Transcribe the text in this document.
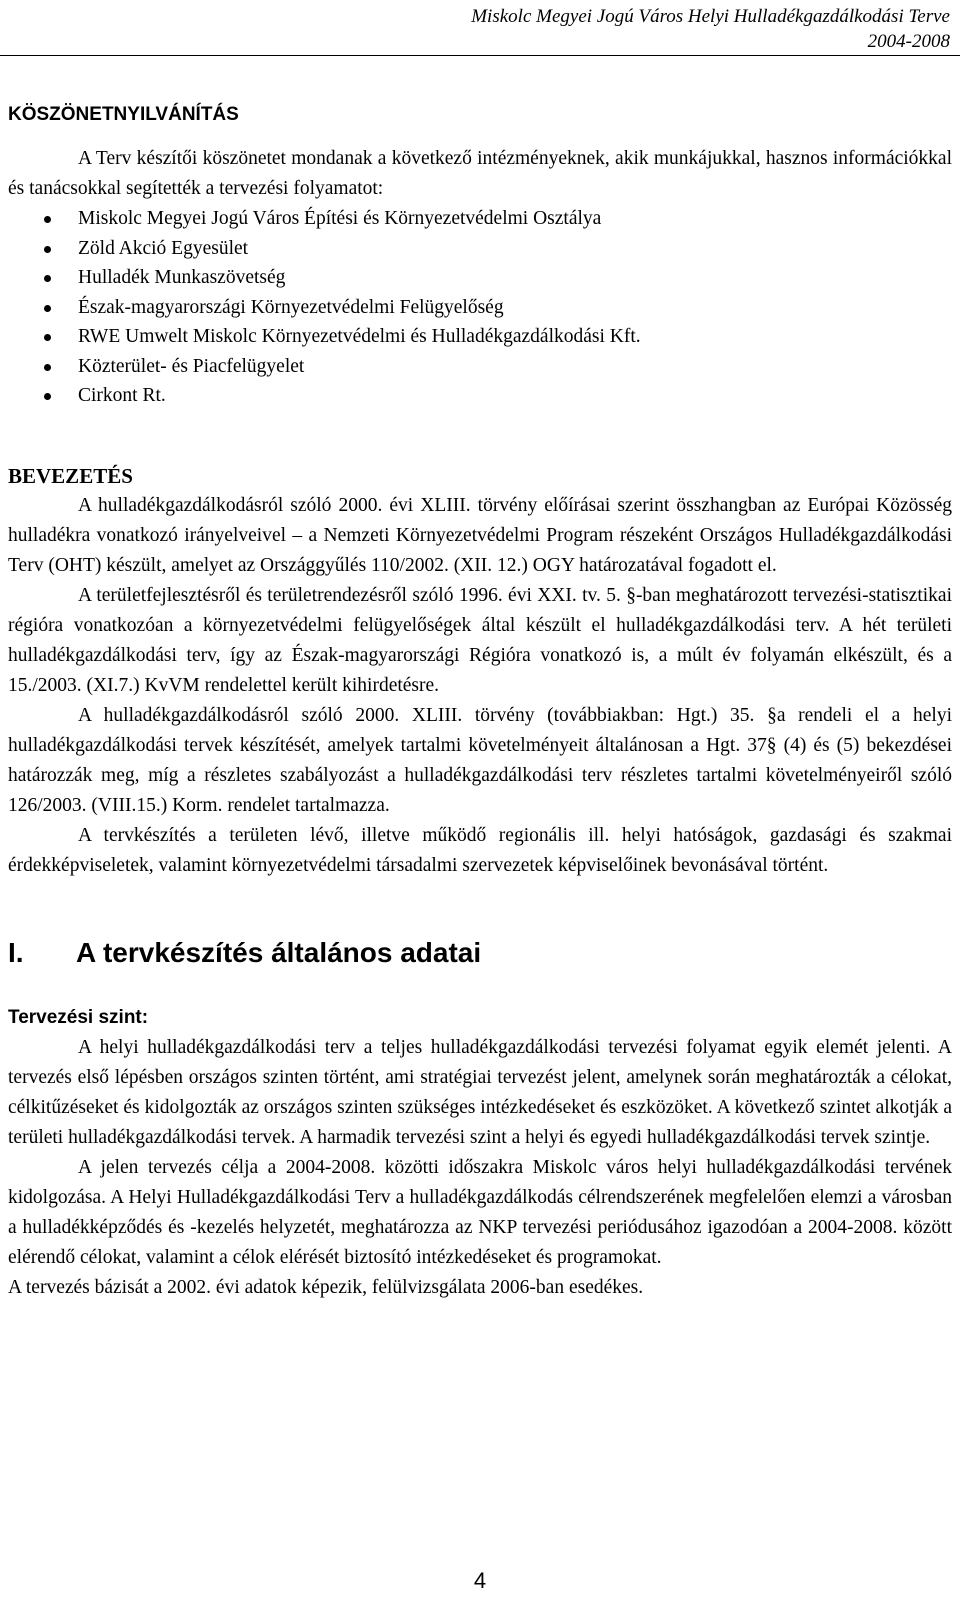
Miskolc Megyei Jogú Város Helyi Hulladékgazdálkodási Terve
2004-2008
KÖSZÖNETNYILVÁNÍTÁS

A Terv készítői köszönetet mondanak a következő intézményeknek, akik munkájukkal, hasznos információkkal és tanácsokkal segítették a tervezési folyamatot:

Miskolc Megyei Jogú Város Építési és Környezetvédelmi Osztálya
Zöld Akció Egyesület
Hulladék Munkaszövetség
Észak-magyarországi Környezetvédelmi Felügyelőség
RWE Umwelt Miskolc Környezetvédelmi és Hulladékgazdálkodási Kft.
Közterület- és Piacfelügyelet
Cirkont Rt.
BEVEZETÉS

A hulladékgazdálkodásról szóló 2000. évi XLIII. törvény előírásai szerint összhangban az Európai Közösség hulladékra vonatkozó irányelveivel – a Nemzeti Környezetvédelmi Program részeként Országos Hulladékgazdálkodási Terv (OHT) készült, amelyet az Országgyűlés 110/2002. (XII. 12.) OGY határozatával fogadott el.

A területfejlesztésről és területrendezésről szóló 1996. évi XXI. tv. 5. §-ban meghatározott tervezési-statisztikai régióra vonatkozóan a környezetvédelmi felügyelőségek által készült el hulladékgazdálkodási terv. A hét területi hulladékgazdálkodási terv, így az Észak-magyarországi Régióra vonatkozó is, a múlt év folyamán elkészült, és a 15./2003. (XI.7.) KvVM rendelettel került kihirdetésre.

A hulladékgazdálkodásról szóló 2000. XLIII. törvény (továbbiakban: Hgt.) 35. §a rendeli el a helyi hulladékgazdálkodási tervek készítését, amelyek tartalmi követelményeit általánosan a Hgt. 37§ (4) és (5) bekezdései határozzák meg, míg a részletes szabályozást a hulladékgazdálkodási terv részletes tartalmi követelményeiről szóló 126/2003. (VIII.15.) Korm. rendelet tartalmazza.

A tervkészítés a területen lévő, illetve működő regionális ill. helyi hatóságok, gazdasági és szakmai érdekképviseletek, valamint környezetvédelmi társadalmi szervezetek képviselőinek bevonásával történt.

I. A tervkészítés általános adatai
Tervezési szint:

A helyi hulladékgazdálkodási terv a teljes hulladékgazdálkodási tervezési folyamat egyik elemét jelenti. A tervezés első lépésben országos szinten történt, ami stratégiai tervezést jelent, amelynek során meghatározták a célokat, célkitűzéseket és kidolgozták az országos szinten szükséges intézkedéseket és eszközöket. A következő szintet alkotják a területi hulladékgazdálkodási tervek. A harmadik tervezési szint a helyi és egyedi hulladékgazdálkodási tervek szintje.

A jelen tervezés célja a 2004-2008. közötti időszakra Miskolc város helyi hulladékgazdálkodási tervének kidolgozása. A Helyi Hulladékgazdálkodási Terv a hulladékgazdálkodás célrendszerének megfelelően elemzi a városban a hulladékképződés és -kezelés helyzetét, meghatározza az NKP tervezési periódusához igazodóan a 2004-2008. között elérendő célokat, valamint a célok elérését biztosító intézkedéseket és programokat.

A tervezés bázisát a 2002. évi adatok képezik, felülvizsgálata 2006-ban esedékes.

4
